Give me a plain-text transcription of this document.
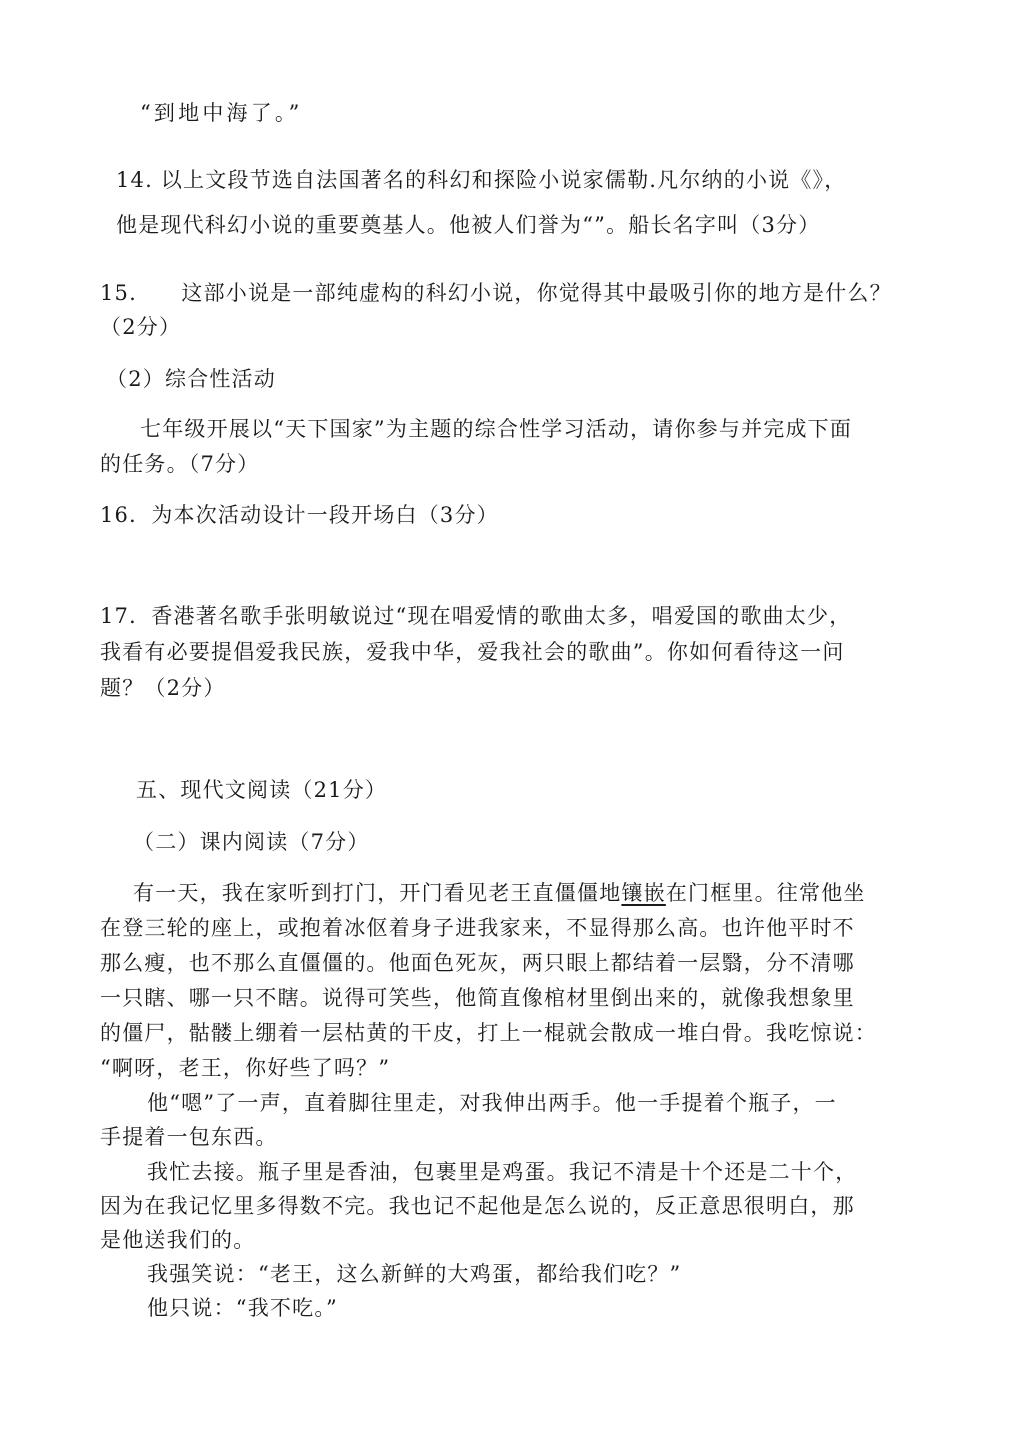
“到地中海了。”
14. 以上文段节选自法国著名的科幻和探险小说家儒勒.凡尔纳的小说《》，
他是现代科幻小说的重要奠基人。他被人们誉为“”。船长名字叫（3分）
15.　　这部小说是一部纯虚构的科幻小说，你觉得其中最吸引你的地方是什么？
（2分）
（2）综合性活动
七年级开展以“天下国家”为主题的综合性学习活动，请你参与并完成下面
的任务。（7分）
16．为本次活动设计一段开场白（3分）
17．香港著名歌手张明敏说过“现在唱爱情的歌曲太多，唱爱国的歌曲太少，
我看有必要提倡爱我民族，爱我中华，爱我社会的歌曲”。你如何看待这一问
题？（2分）
五、现代文阅读（21分）
（二）课内阅读（7分）
有一天，我在家听到打门，开门看见老王直僵僵地镶嵌在门框里。往常他坐
在登三轮的座上，或抱着冰伛着身子进我家来，不显得那么高。也许他平时不
那么瘦，也不那么直僵僵的。他面色死灰，两只眼上都结着一层翳，分不清哪
一只瞎、哪一只不瞎。说得可笑些，他简直像棺材里倒出来的，就像我想象里
的僵尸，骷髅上绷着一层枯黄的干皮，打上一棍就会散成一堆白骨。我吃惊说：
“啊呀，老王，你好些了吗？”
他“嗯”了一声，直着脚往里走，对我伸出两手。他一手提着个瓶子，一
手提着一包东西。
我忙去接。瓶子里是香油，包裹里是鸡蛋。我记不清是十个还是二十个，
因为在我记忆里多得数不完。我也记不起他是怎么说的，反正意思很明白，那
是他送我们的。
我强笑说：“老王，这么新鲜的大鸡蛋，都给我们吃？”
他只说：“我不吃。”
